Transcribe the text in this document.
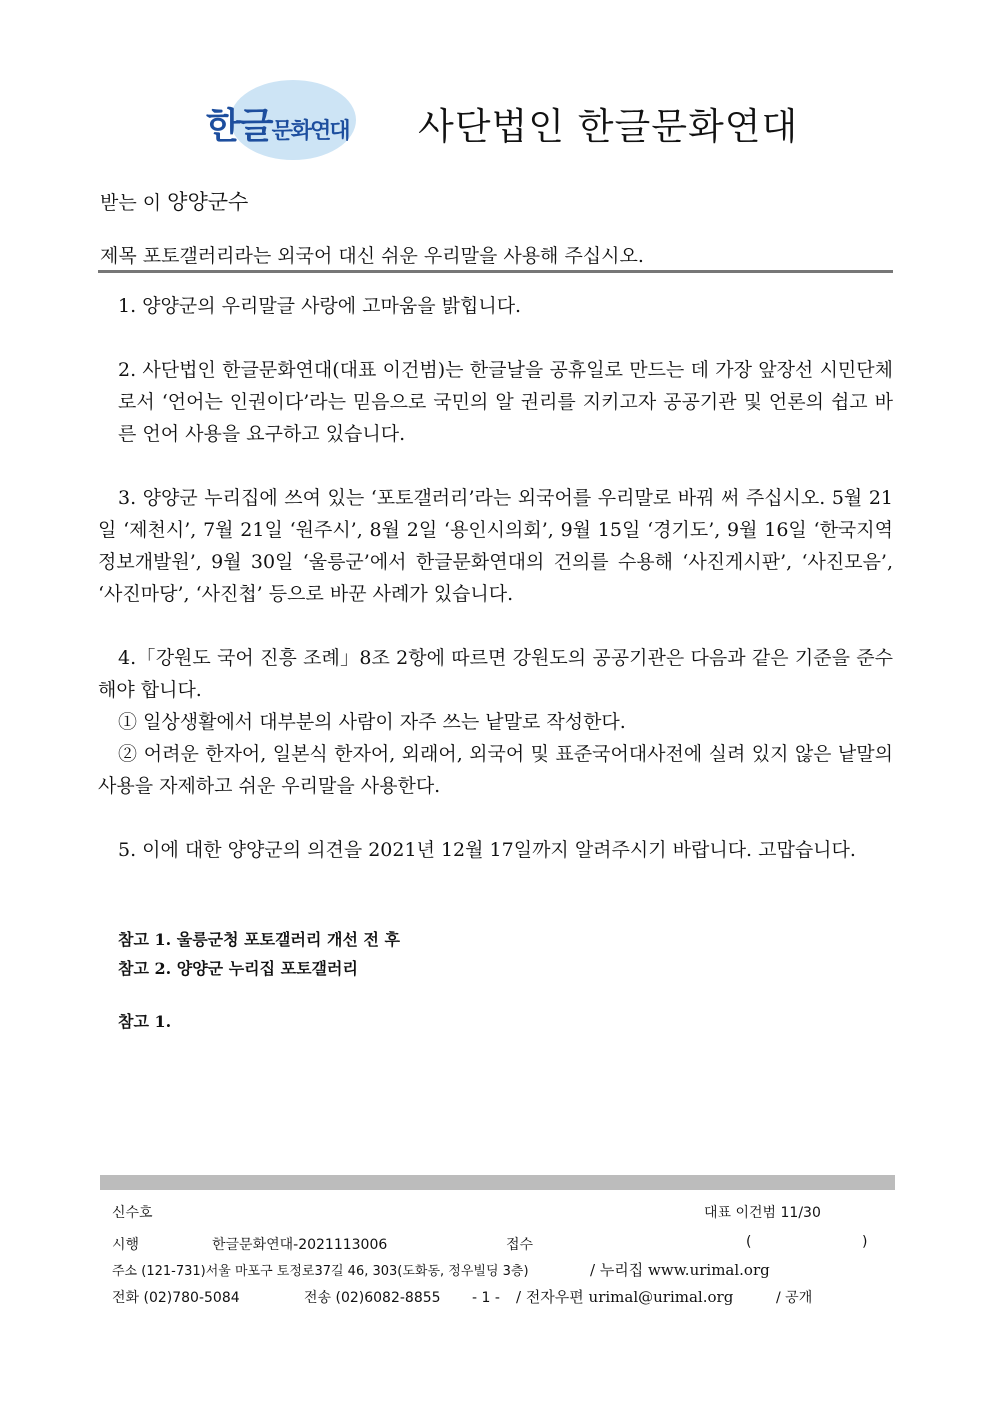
한글문화연대 사단법인 한글문화연대
받는 이 양양군수
제목 포토갤러리라는 외국어 대신 쉬운 우리말을 사용해 주십시오.

1. 양양군의 우리말글 사랑에 고마움을 밝힙니다.

2. 사단법인 한글문화연대(대표 이건범)는 한글날을 공휴일로 만드는 데 가장 앞장선 시민단체로서 ‘언어는 인권이다’라는 믿음으로 국민의 알 권리를 지키고자 공공기관 및 언론의 쉽고 바른 언어 사용을 요구하고 있습니다.

3. 양양군 누리집에 쓰여 있는 ‘포토갤러리’라는 외국어를 우리말로 바꿔 써 주십시오. 5월 21일 ‘제천시’, 7월 21일 ‘원주시’, 8월 2일 ‘용인시의회’, 9월 15일 ‘경기도’, 9월 16일 ‘한국지역정보개발원’, 9월 30일 ‘울릉군’에서 한글문화연대의 건의를 수용해 ‘사진게시판’, ‘사진모음’, ‘사진마당’, ‘사진첩’ 등으로 바꾼 사례가 있습니다.

4.「강원도 국어 진흥 조례」8조 2항에 따르면 강원도의 공공기관은 다음과 같은 기준을 준수해야 합니다.

① 일상생활에서 대부분의 사람이 자주 쓰는 낱말로 작성한다.

② 어려운 한자어, 일본식 한자어, 외래어, 외국어 및 표준국어대사전에 실려 있지 않은 낱말의 사용을 자제하고 쉬운 우리말을 사용한다.

5. 이에 대한 양양군의 의견을 2021년 12월 17일까지 알려주시기 바랍니다. 고맙습니다.

참고 1. 울릉군청 포토갤러리 개선 전 후
참고 2. 양양군 누리집 포토갤러리
참고 1.
신수호	대표 이건범 11/30
시행	한글문화연대-2021113006	접수	(	)
주소 (121-731)서울 마포구 토정로37길 46, 303(도화동, 정우빌딩 3층)	/ 누리집 www.urimal.org
전화 (02)780-5084	전송 (02)6082-8855 - 1 - / 전자우편 urimal@urimal.org	/ 공개
